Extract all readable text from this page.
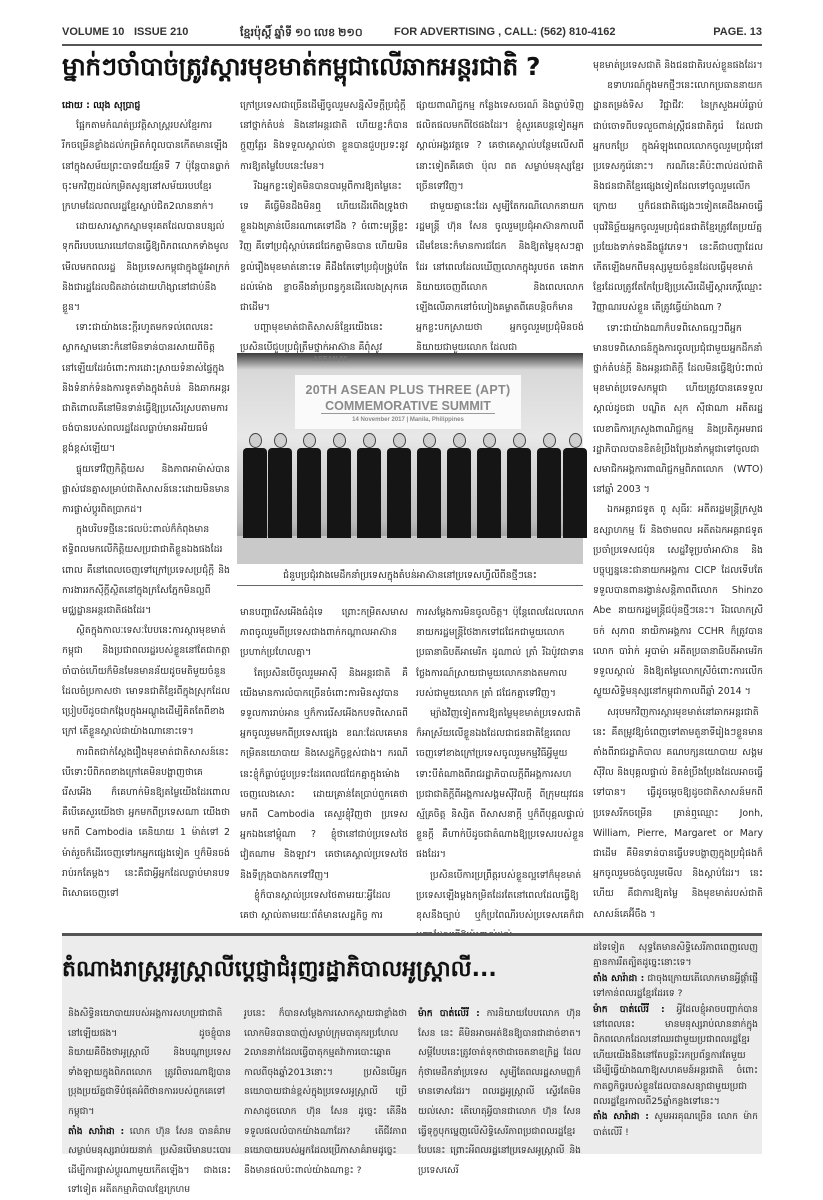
VOLUME 10 ISSUE 210	ខ្មែរប៉ុស្ដិ៍ ឆ្នាំទី ១០ លេខ ២១០	FOR ADVERTISING , CALL: (562) 810-4162	PAGE. 13
ម្នាក់ៗចាំបាច់ត្រូវស្ដារមុខមាត់កម្ពុជាលើឆាកអន្តរជាតិ ?

ដោយ : ឈុង សុប្រាជ្ញ

ផ្អែកតាមកំណត់ប្រវត្តិសាស្ត្ររបស់ខ្មែរការរីកចម្រើនខ្លាំងដល់កម្រិតកំពូលបានកើតមានឡើងនៅក្នុងសម័យព្រះបាទជ័យវរ្ម័នទី 7 ប៉ុន្តែបានធ្លាក់ចុះមកវិញដល់កម្រិតសូន្យនៅសម័យរបបខ្មែរក្រហមដែលពលរដ្ឋខ្មែរស្លាប់ជិត2លាននាក់។

ដោយសារស្លាកស្នាមទុរគតដែលបានបន្សល់ទុកពីរបបឃោរឃៅបានធ្វើឱ្យពិភពលោកទាំងមូលមើលមកពលរដ្ឋ និងប្រទេសកម្ពុជាក្នុងផ្លូវអាក្រក់ និងជារដ្ឋដែលជិតដាច់ដោយហិង្សានៅជាប់នឹងខ្លួន។

ទោះជាយ៉ាងនេះក្ដីរហូតមកទល់ពេលនេះស្លាកស្នាមនោះក៏នៅមិនទាន់បានរសាយពីចិត្តនៅឡើយដែរចំពោះការដោះស្រាយទំនាស់ផ្ទៃក្នុង និងទំនាក់ទំនងការទូតទាំងក្នុងតំបន់ និងឆាកអន្តរជាតិពោលគឺនៅមិនទាន់ធ្វើឱ្យប្រសើរស្របតាមការចង់បានរបស់ពលរដ្ឋដែលធ្លាប់មានអរិយធម៌ខ្ពង់ខ្ពស់ឡើយ។

ផ្ទុយទៅវិញកិត្តិយស និងភាពអាម៉ាស់បានផ្លាស់វេនគ្នាសម្រាប់ជាតិសាសន៍នេះដោយមិនមានការផ្លាស់ប្ដូរពិតប្រាកដ។

ក្នុងបរិបទថ្មីនេះផលប៉ះពាល់ក៏កំពុងមានឥទ្ធិពលមកលើកិត្តិយសប្រជាជាតិខ្លួនឯងផងដែរពោល គឺនៅពេលចេញទៅក្រៅប្រទេសប្រជុំក្ដី និងការងាររកស៊ីក្ដីស្ថិតនៅក្នុងក្រសែភ្នែកមិនល្អពីមជ្ឈដ្ឋានអន្តរជាតិផងដែរ។

ស្ថិតក្នុងកាលៈទេសៈបែបនេះការស្ដារមុខមាត់កម្ពុជា និងប្រជាពលរដ្ឋរបស់ខ្លួននៅតែជាកត្តាចាំបាច់ហើយក៏មិនមែនមានន័យដូចមតិមួយចំនួនដែលចំប្រកាសថា មោទនជាតិខ្មែរពីក្នុងស្រុកដែលប្រៀបបីដូចជាកង្កែបក្នុងអណ្ដូងដើម្បីគិតតែពីខាងក្រៅ តើខ្លួនស្គាល់ជាយ៉ាងណានោះទេ។

ការពិតជាក់ស្ដែងរឿងមុខមាត់ជាតិសាសន៍នេះ បើទោះបីពិភពខាងក្រៅគេមិនបង្ហាញថាគេរើសអើង ក៏គេហាក់មិនឱ្យតម្លៃយើងដែរពោល គឺបើគេសួរយើងថា អ្នកមកពីប្រទេសណា យើងថាមកពី Cambodia គេនិយាយ 1 ម៉ាត់ទៅ 2 ម៉ាត់រួចក៏ដើរចេញទៅរកអ្នកផ្សេងទៀត ឬក៏មិនចង់រាប់រកតែម្ដង។ នេះគឺជាអ្វីអ្នកដែលធ្លាប់មានបទពិសោធចេញទៅ

ក្រៅប្រទេសជាច្រើនដើម្បីចូលរួមសន្និសីទក្ដីប្រជុំក្ដីនៅថ្នាក់តំបន់ និងនៅអន្តរជាតិ ហើយខ្លះក៏បានក្ដួញតែ្អរ និងទទួលស្គាល់ថា ខ្លួនបានជួបប្រទះនូវការឱ្យតម្លៃបែបនេះមែន។

រីឯអ្នកខ្លះទៀតមិនបានបារម្ភពីការឱ្យតម្លៃនេះទេ គឺធ្វើមិនដឹងមិនឮ ហើយដើរពើងទ្រូងថា ខ្លួនឯងគ្រាន់បើនរណាគេទៅដឹង ? ចំពោះមន្ត្រីខ្លះវិញ គឺទៅប្រជុំស្ដាប់គេជជែកគ្នាមិនបាន ហើយមិនខ្វល់រឿងមុខមាត់នោះទេ គឺដឹងតែទៅប្រជុំបង្គ្រប់តែដល់ម៉ោង ខ្លាចនឹងនាំប្រពន្ធកូនដើរលេងស្រុកគេជាដើម។

បញ្ហាមុខមាត់ជាតិសាសន៍ខ្មែរយើងនេះប្រសិនបើជួបប្រជុំត្រឹមថ្នាក់អាស៊ាន គឺពុំសូវ

ផ្សាយពាណិជ្ជកម្ម កន្លែងទេសចរណ៍ និងធ្លាប់ទិញផលិតផលមកពីថៃផងដែរ។ ខ្ញុំសួរគេបន្តទៀតអ្នកស្គាល់អង្គរវត្តទេ ? គេថាគេស្គាល់បន្ថែមលើសពីនោះទៀតគឺគេថា ប៉ុល ពត សម្លាប់មនុស្សខ្មែរច្រើនទៅវិញ។

ជាមួយគ្នានេះដែរ សូម្បីតែករណីលោកនាយករដ្ឋមន្ត្រី ហ៊ុន សែន ចូលរួមប្រជុំអាស៊ានកាលពីដើមខែនេះក៏មានការជជែក និងឱ្យតម្លៃខុសៗគ្នាដែរ នៅពេលដែលឃើញលោកក្នុងរូបថត គេងាកនិយាយចេញពីលោក និងពេលលោកឡើងលើឆាកនៅចំហៀងគម្លាតពីគេបន្តិចក៏មានអ្នកខ្លះបកស្រាយថា អ្នកចូលរួមប្រជុំមិនចង់និយាយជាមួយលោក ដែលជា

មុខមាត់ប្រទេសជាតិ និងជនជាតិរបស់ខ្លួនផងដែរ។

ឧទាហរណ៍ក្នុងមកថ្មីៗនេះលោកប្រធាននាយកដ្ឋានតម្រង់ទិស វិជ្ជាជីវៈ នៃក្រសួងអប់រំធ្លាប់ជាប់ចោទពីបទលួចពាន់ស្ត្រីជនជាតិកូរ៉េ ដែលជាអ្នកបកប្រែ ក្នុងអំឡុងពេលលោកចូលរួមប្រជុំនៅប្រទេសកូរ៉េនោះ។ ករណីនេះគឺប៉ះពាល់ដល់ជាតិ និងជនជាតិខ្មែរផ្សេងទៀតដែលទៅចូលរួមលើកក្រោយ ឬក៏ជនជាតិផ្សេងៗទៀតគេដឹងអាចធ្វើបុរេវិនិច្ឆ័យអ្នកចូលរួមប្រជុំជនជាតិខ្មែរត្រូវតែប្រយ័ត្នប្រយែងទាក់ទងនឹងផ្លូវភេទ។ នេះគឺជាបញ្ហាដែលកើតឡើងមកពីមនុស្សមួយចំនួនដែលធ្វើមុខមាត់ខ្មែរដែលត្រូវតែកែប្រែឱ្យប្រសើរដើម្បីស្ដារកេរ្ដិ៍ឈ្មោះវិញ្ញាណរបស់ខ្លួន តើត្រូវធ្វើយ៉ាងណា ?

ទោះជាយ៉ាងណាក៏បទពិសោធល្អៗពីអ្នកមានបទពិសោធន៍ក្នុងការចូលប្រជុំជាមួយអ្នកដឹកនាំថ្នាក់តំបន់ក្ដី និងអន្តរជាតិក្ដី ដែលមិនធ្វើឱ្យប៉ះពាល់មុខមាត់ប្រទេសកម្ពុជា ហើយត្រូវបានគេទទួលស្គាល់ដូចជា បណ្ឌិត សុក ស៊ីផាណា អតីតរដ្ឋលេខាធិការក្រសួងពាណិជ្ជកម្ម និងប្រតិភូអមរាជរដ្ឋាភិបាលបានខិតខំប្រឹងប្រែងនាំកម្ពុជាទៅចូលជាសមាជិកអង្គការពាណិជ្ជកម្មពិភពលោក (WTO) នៅឆ្នាំ 2003 ។

ឯកអគ្គរាជទូត ពូ សុធីរៈ អតីតរដ្ឋមន្ត្រីក្រសួងឧស្សាហកម្ម រ៉ែ និងថាមពល អតីតឯកអគ្គរាជទូតប្រចាំប្រទេសជប៉ុន សេដ្ឋវិទូប្រចាំអាស៊ាន និងបច្ចុប្បន្ននេះជានាយកអង្គការ CICP ដែលទើបតែទទួលបានពានរង្វាន់សន្តិភាពពីលោក Shinzo Abe នាយករដ្ឋមន្ត្រីជប៉ុនថ្មីៗនេះ។ រីឯលោកស្រី ចក់ សុភាព នាយិកាអង្គការ CCHR ក៏ត្រូវបានលោក បារ៉ាក់ អូបាម៉ា អតីតប្រធានាធិបតីអាមេរិកទទួលស្គាល់ និងឱ្យតម្លៃលោកស្រីចំពោះការលើកស្ទួយសិទ្ធិមនុស្សនៅកម្ពុជាកាលពីឆ្នាំ 2014 ។

សរុបមកវិញការស្ដារមុខមាត់នៅឆាកអន្តរជាតិនេះ គឺតម្រូវឱ្យចំពេញទៅតាមតួនាទីរៀងៗខ្លួនមានតាំងពីរាជរដ្ឋាភិបាល គណបក្សនយោបាយ សង្គមស៊ីវិល និងបុគ្គលផ្ទាល់ ខិតខំប្រឹងប្រែងដែលអាចធ្វើទៅបាន។ ធ្វើដូចម្ដេចឱ្យដូចជាតិសាសន៍មកពីប្រទេសរីកចម្រើន គ្រាន់ឮឈ្មោះ Jonh, William, Pierre, Margaret or Mary ជាដើម គឺមិនទាន់បានធ្វើបទបង្ហាញក្នុងប្រជុំផងក៏អ្នកចូលរួមចង់ចូលរួមមើល និងស្ដាប់ដែរ។ នេះហើយ គឺជាការឱ្យតម្លៃ និងមុខមាត់របស់ជាតិសាសន៍គេអ៊ីចឹង ។

ASEAN 50
20TH ASEAN PLUS THREE (APT)
COMMEMORATIVE SUMMIT
14 November 2017 | Manila, Philippines
ជំនួបប្រជុំរវាងមេដឹកនាំប្រទេសក្នុងតំបន់អាស៊ាននៅប្រទេសហ្វីលីពីនថ្មីៗនេះ

មានបញ្ហារើសអើងធំដុំទេ ព្រោះកម្រិតសមាស ភាពចូលរួមពីប្រទេសជាងពាក់កណ្ដាលអាស៊ានប្រហាក់ប្រហែលគ្នា។

តែប្រសិនបើចូលរួមអាស៊ី និងអន្តរជាតិ គឺយើងមានការលំបាកច្រើនចំពោះការមិនសូវបានទទួលការរាប់អាន ឬក៏ការរើសអើងកបទពិសោធពីអ្នកចូលរួមមកពីប្រទេសផ្សេង ខណៈដែលគេមានកម្រិតនយោបាយ និងសេដ្ឋកិច្ចខ្ពស់ជាង។ ករណីនេះខ្ញុំក៏ធ្លាប់ជួបប្រទះដែរពេលជជែកគ្នាក្នុងម៉ោងចេញលេងសោះ ដោយគ្រាន់តែប្រាប់ពួកគេថាមកពី Cambodia គេសួរខ្ញុំវិញថា ប្រទេសអ្នកឯងនៅម្ដុំណា ? ខ្ញុំថានៅជាប់ប្រទេសថៃ វៀតណាម និងឡាវ។ គេថាគេស្គាល់ប្រទេសថៃ និងទីក្រុងបាងកកទៅវិញ។

ខ្ញុំក៏បានស្គាល់ប្រទេសថៃតាមរយៈអ្វីដែលគេថា ស្គាល់តាមរយៈព័ត៌មានសេដ្ឋកិច្ច ការ

ការសម្ដែងការមិនចូលចិត្ត។ ប៉ុន្តែពេលដែលលោកនាយករដ្ឋមន្ត្រីថៃងាកទៅជជែកជាមួយលោកប្រធានាធិបតីអាមេរិក ដូណាល់ ត្រាំ រីឯប៉ូវជាទានថ្លែងការណ៍ស្រាយជាមួយលោកនាងតមកាលរបស់ជាមួយលោក ត្រាំ ជជែកគ្នាទៅវិញ។

ម្យ៉ាងវិញទៀតការឱ្យតម្លៃមុខមាត់ប្រទេសជាតិក៏អាស្រ័យលើខ្លួនឯងដែលជាជនជាតិខ្មែរពេលចេញទៅខាងក្រៅប្រទេសចូលរួមកម្មវិធីអ្វីមួយ ទោះបីតំណាងពីរាជរដ្ឋាភិបាលក្ដីពីអង្គការសហប្រជាជាតិក្ដីពីអង្គការសង្គមស៊ីវិលក្ដី ពីក្រុមយុវជនស្ម័គ្រចិត្ត និស្សិត ពីសាសនាក្ដី ឬក៏ពីបុគ្គលផ្ទាល់ខ្លួនក្ដី គឺហាក់បីដូចជាតំណាងឱ្យប្រទេសរបស់ខ្លួនផងដែរ។

ប្រសិនបើការប្រព្រឹត្តរបស់ខ្លួនល្អទៅក៏មុខមាត់ប្រទេសឡើងម្ដងកម្រិតដែរតែនៅពេលដែលធ្វើឱ្យខុសនឹងច្បាប់ ឬក៏ប្រពៃណីរបស់ប្រទេសគេក៏ជា

តំណាងរាស្ត្រអូស្ត្រាលីប្ដេជ្ញាជំរុញរដ្ឋាភិបាលអូស្ត្រាលី...

និងសិទ្ធិនយោបាយរបស់អង្គការសហប្រជាជាតិនៅឡើយផង។ ដូចខ្ញុំបាននិយាយគឺចឹងថាអូស្ត្រាលី និងបណ្ដាប្រទេសទាំងឡាយក្នុងពិភពលោក ត្រូវពិចារណាឱ្យបានប្រុងប្រយ័ត្នជាទីបំផុតអំពីថានការរបស់ពួកគេទៅកម្ពុជា។

តាំង សារ៉ាដា : លោក ហ៊ុន សែន បានគំរាមសម្លាប់មនុស្សរាប់រយនាក់ ប្រសិនបើមានបះបោរដើម្បីការផ្លាស់ប្ដូរណាមួយកើតឡើង។ ជាងនេះទៅទៀត អតីតកម្មាភិបាលខ្មែរក្រហម

រូបនេះ ក៏បានសម្ដែងការសោកស្ដាយជាខ្លាំងថាលោកមិនបានបាញ់សម្លាប់ក្រុមបាតុករប្រហែល 2លាននាក់ដែលធ្វើបាតុកម្មតវ៉ាការបោះឆ្នោតកាលពីចុងឆ្នាំ2013នោះ។ ប្រសិនបើអ្នកនយោបាយជាន់ខ្ពស់ក្នុងប្រទេសអូស្ត្រាលី ប្រើភាសាដូចលោក ហ៊ុន សែន ដូច្នេះ តើនឹងទទួលផលលំបាកយ៉ាងណាដែរ? តើជីវភាពនយោបាយរបស់អ្នកដែលប្រើភាសាគំរាមដូច្នេះនឹងមានផលប៉ះពាល់យ៉ាងណាខ្លះ ?

ម៉ាក បាត់លើរី : ការនិយាយបែបលោក ហ៊ុន សែន នេះ គឺមិនអាចអត់ឱនឱ្យបានជាដាច់ខាត។ សម្ដីបែបនេះត្រូវចាត់ទុកថាជាចេតនាឧក្រិដ្ឋ ដែលកុំថាមេដឹកនាំប្រទេស សូម្បីតែពលរដ្ឋសាមញ្ញក៏មានទោសដែរ។ ពលរដ្ឋអូស្ត្រាលី ស្ទើរតែមិនយល់សោះ តើហេតុអ្វីបានជាលោក ហ៊ុន សែន ធ្វើទុក្ខបុកម្នេញលើសិទ្ធិសេរីភាពប្រជាពលរដ្ឋខ្មែរបែបនេះ ព្រោះអីពលរដ្ឋនៅប្រទេសអូស្ត្រាលី និងប្រទេសសេរី

ដទៃទៀត សុទ្ធតែមានសិទ្ធិសេរីភាពពេញលេញគ្មានការរឹតត្បិតដូច្នេះនោះទេ។

តាំង សារ៉ាដា : ជាចុងក្រោយតើលោកមានអ្វីផ្ដាំផ្ញើទៅកាន់ពលរដ្ឋខ្មែរដែរទេ ?

ម៉ាក បាត់លើរី : អ្វីដែលខ្ញុំអាចបញ្ជាក់បាននៅពេលនេះ មានមនុស្សរាប់លាននាក់ក្នុងពិភពលោកដែលនៅឈរជាមួយប្រជាពលរដ្ឋខ្មែរ ហើយយើងនឹងនៅតែបន្តរិះរកប្រព័ន្ធការតែមួយដើម្បីធ្វើយ៉ាងណាឱ្យសហគមន៍អន្តរជាតិ ចំពោះកាតព្វកិច្ចរបស់ខ្លួនដែលបានសន្យាជាមួយប្រជាពលរដ្ឋខ្មែរកាលពី25ឆ្នាំកន្លងទៅនេះ។

តាំង សារ៉ាដា : សូមអរគុណច្រើន លោក ម៉ាក បាត់លើរី !
